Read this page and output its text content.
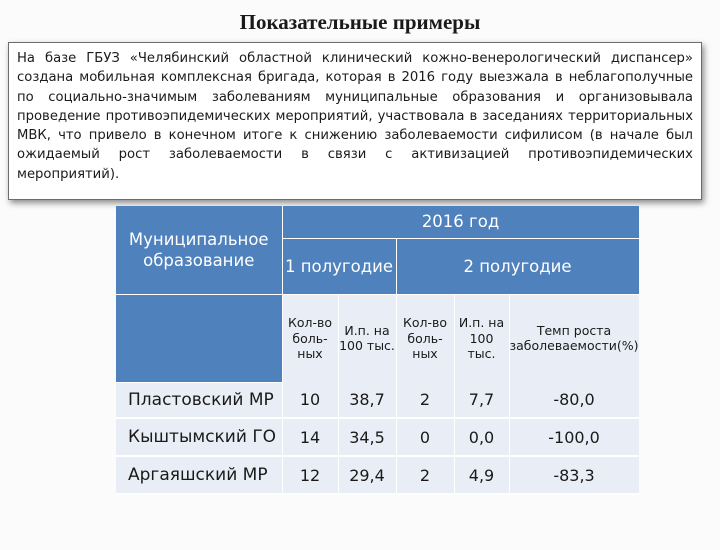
Показательные примеры

На базе ГБУЗ «Челябинский областной клинический кожно-венерологический диспансер» создана мобильная комплексная бригада, которая в 2016 году выезжала в неблагополучные по социально-значимым заболеваниям муниципальные образования и организовывала проведение противоэпидемических мероприятий, участвовала в заседаниях территориальных МВК, что привело в конечном итоге к снижению заболеваемости сифилисом (в начале был ожидаемый рост заболеваемости в связи с активизацией противоэпидемических мероприятий).

Муниципальное образование	2016 год				
	1 полугодие		2 полугодие		
	Кол-во боль-ных	И.п. на 100 тыс.	Кол-во боль-ных	И.п. на 100 тыс.	Темп роста заболеваемости(%)
Пластовский МР	10	38,7	2	7,7	-80,0
Кыштымский ГО	14	34,5	0	0,0	-100,0
Аргаяшский МР	12	29,4	2	4,9	-83,3
